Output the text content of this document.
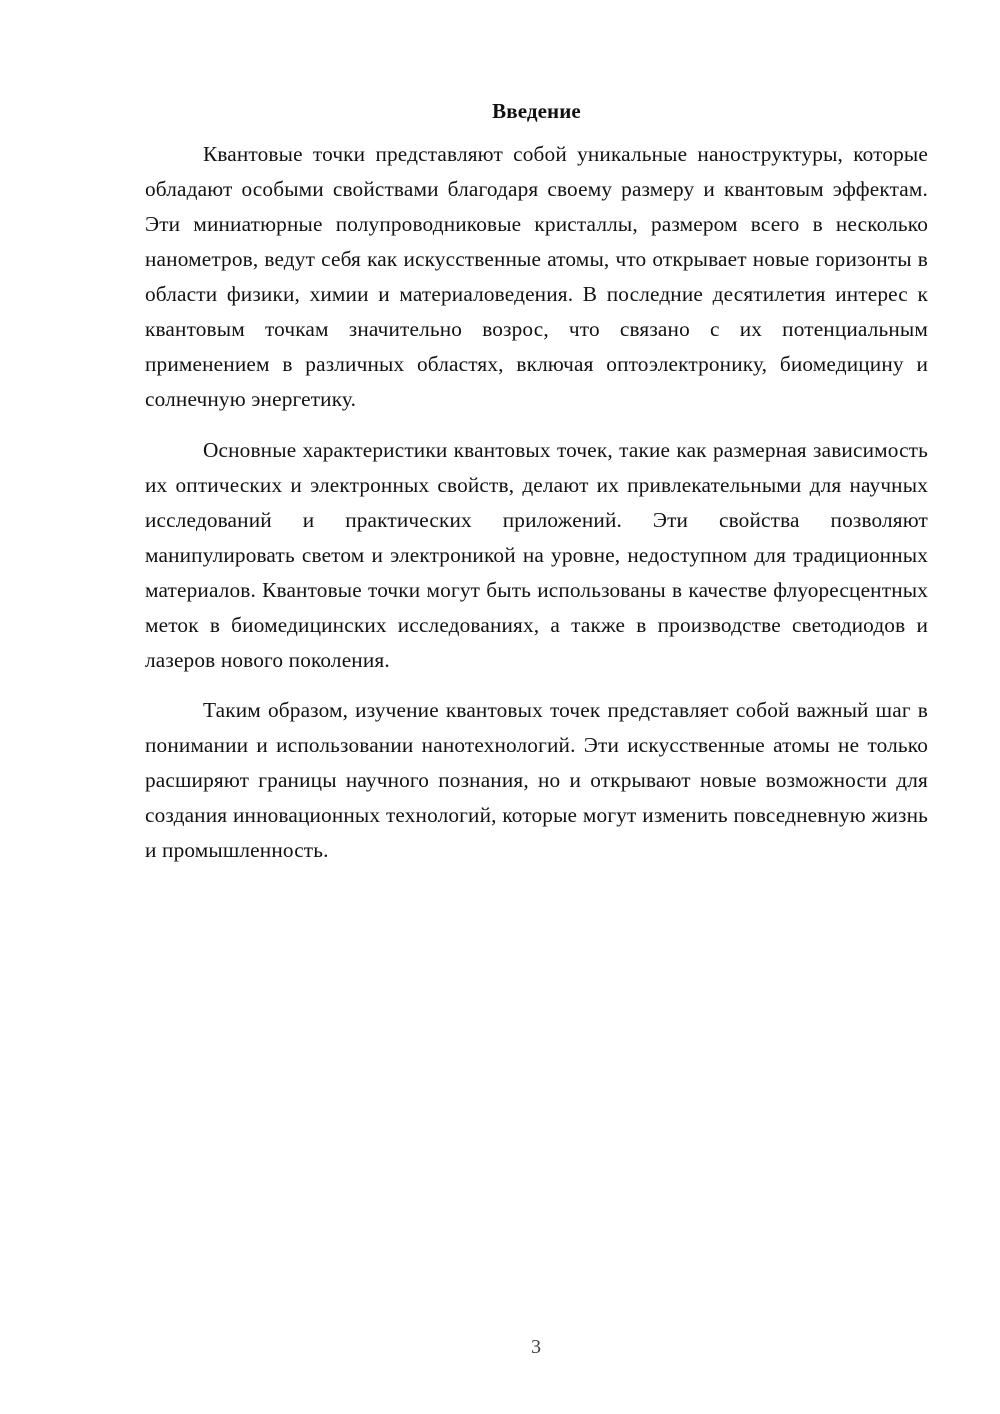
Введение

Квантовые точки представляют собой уникальные наноструктуры, которые обладают особыми свойствами благодаря своему размеру и квантовым эффектам. Эти миниатюрные полупроводниковые кристаллы, размером всего в несколько нанометров, ведут себя как искусственные атомы, что открывает новые горизонты в области физики, химии и материаловедения. В последние десятилетия интерес к квантовым точкам значительно возрос, что связано с их потенциальным применением в различных областях, включая оптоэлектронику, биомедицину и солнечную энергетику.

Основные характеристики квантовых точек, такие как размерная зависимость их оптических и электронных свойств, делают их привлекательными для научных исследований и практических приложений. Эти свойства позволяют манипулировать светом и электроникой на уровне, недоступном для традиционных материалов. Квантовые точки могут быть использованы в качестве флуоресцентных меток в биомедицинских исследованиях, а также в производстве светодиодов и лазеров нового поколения.

Таким образом, изучение квантовых точек представляет собой важный шаг в понимании и использовании нанотехнологий. Эти искусственные атомы не только расширяют границы научного познания, но и открывают новые возможности для создания инновационных технологий, которые могут изменить повседневную жизнь и промышленность.

3
